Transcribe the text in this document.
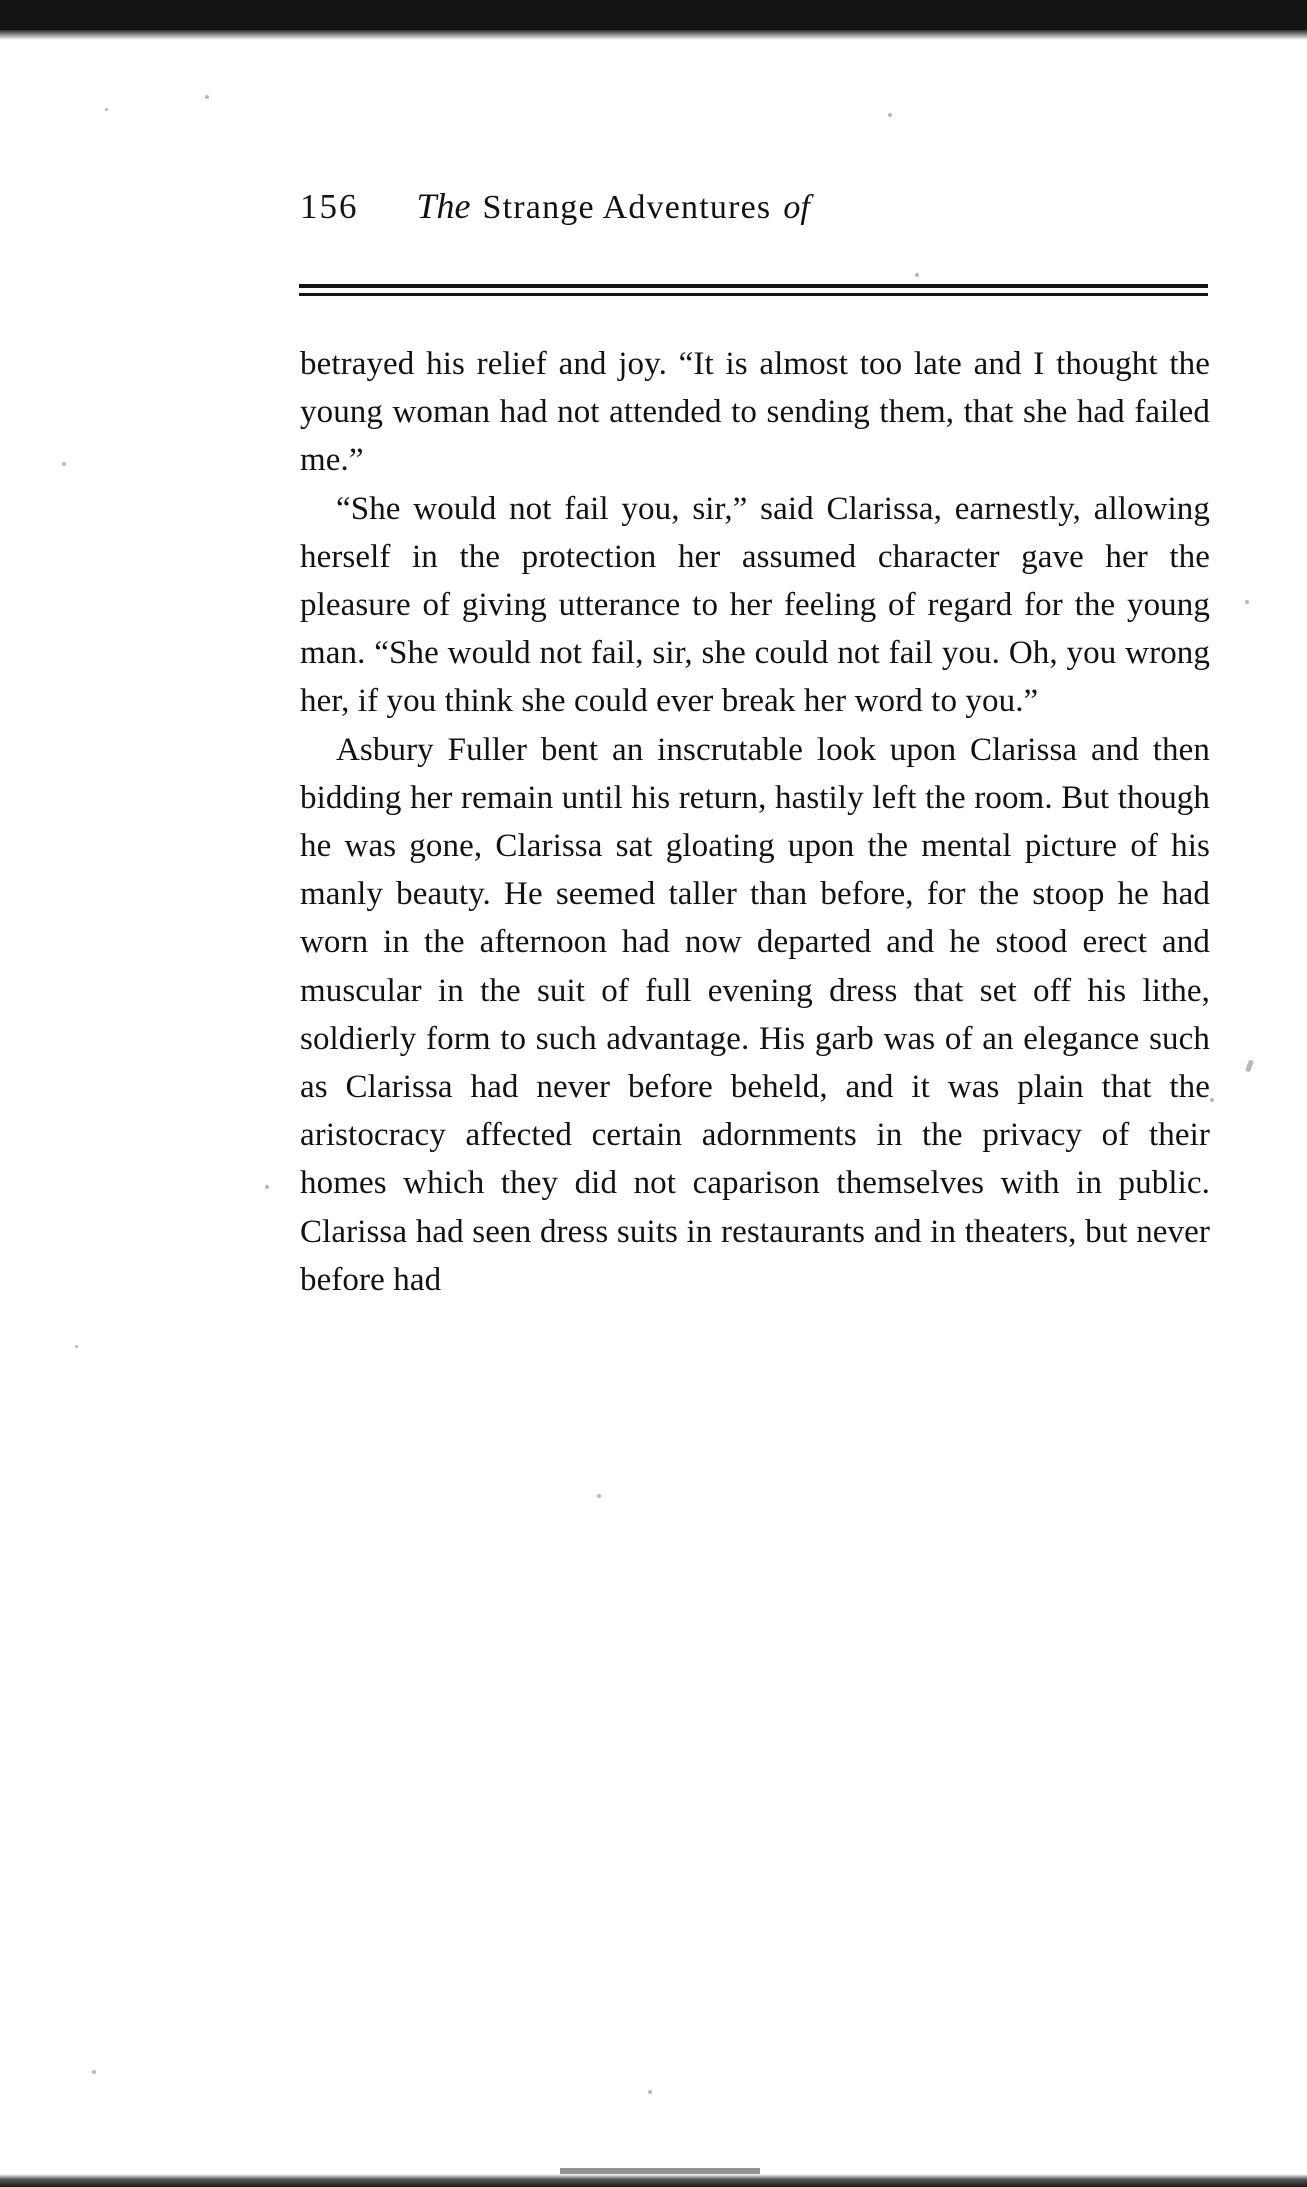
156 The Strange Adventures of

betrayed his relief and joy. “It is almost too late and I thought the young woman had not attended to sending them, that she had failed me.”

“She would not fail you, sir,” said Clarissa, earnestly, allowing herself in the protection her assumed character gave her the pleasure of giving utterance to her feeling of regard for the young man. “She would not fail, sir, she could not fail you. Oh, you wrong her, if you think she could ever break her word to you.”

Asbury Fuller bent an inscrutable look upon Clarissa and then bidding her remain until his return, hastily left the room. But though he was gone, Clarissa sat gloating upon the mental picture of his manly beauty. He seemed taller than before, for the stoop he had worn in the afternoon had now departed and he stood erect and muscular in the suit of full evening dress that set off his lithe, soldierly form to such advantage. His garb was of an elegance such as Clarissa had never before beheld, and it was plain that the aristocracy affected certain adornments in the privacy of their homes which they did not caparison themselves with in public. Clarissa had seen dress suits in restaurants and in theaters, but never before had
